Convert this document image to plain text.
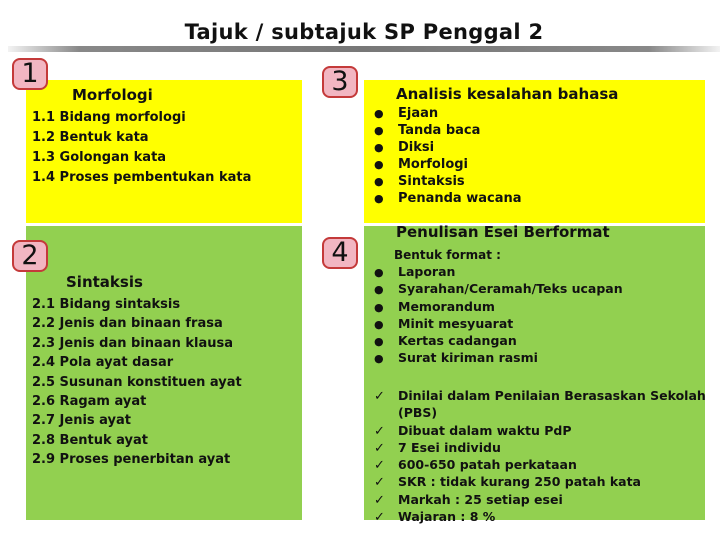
Tajuk / subtajuk SP Penggal 2
Morfologi
1.1 Bidang morfologi
1.2 Bentuk kata
1.3 Golongan kata
1.4 Proses pembentukan kata
Sintaksis
2.1 Bidang sintaksis
2.2 Jenis dan binaan frasa
2.3 Jenis dan binaan klausa
2.4 Pola ayat dasar
2.5 Susunan konstituen ayat
2.6 Ragam ayat
2.7 Jenis ayat
2.8 Bentuk ayat
2.9 Proses penerbitan ayat
Analisis kesalahan bahasa
● Ejaan
● Tanda baca
● Diksi
● Morfologi
● Sintaksis
● Penanda wacana
Penulisan Esei Berformat
Bentuk format :
● Laporan
● Syarahan/Ceramah/Teks ucapan
● Memorandum
● Minit mesyuarat
● Kertas cadangan
● Surat kiriman rasmi
✓ Dinilai dalam Penilaian Berasaskan Sekolah
(PBS)
✓ Dibuat dalam waktu PdP
✓ 7 Esei individu
✓ 600-650 patah perkataan
✓ SKR : tidak kurang 250 patah kata
✓ Markah : 25 setiap esei
✓ Wajaran : 8 %
1
2
3
4
